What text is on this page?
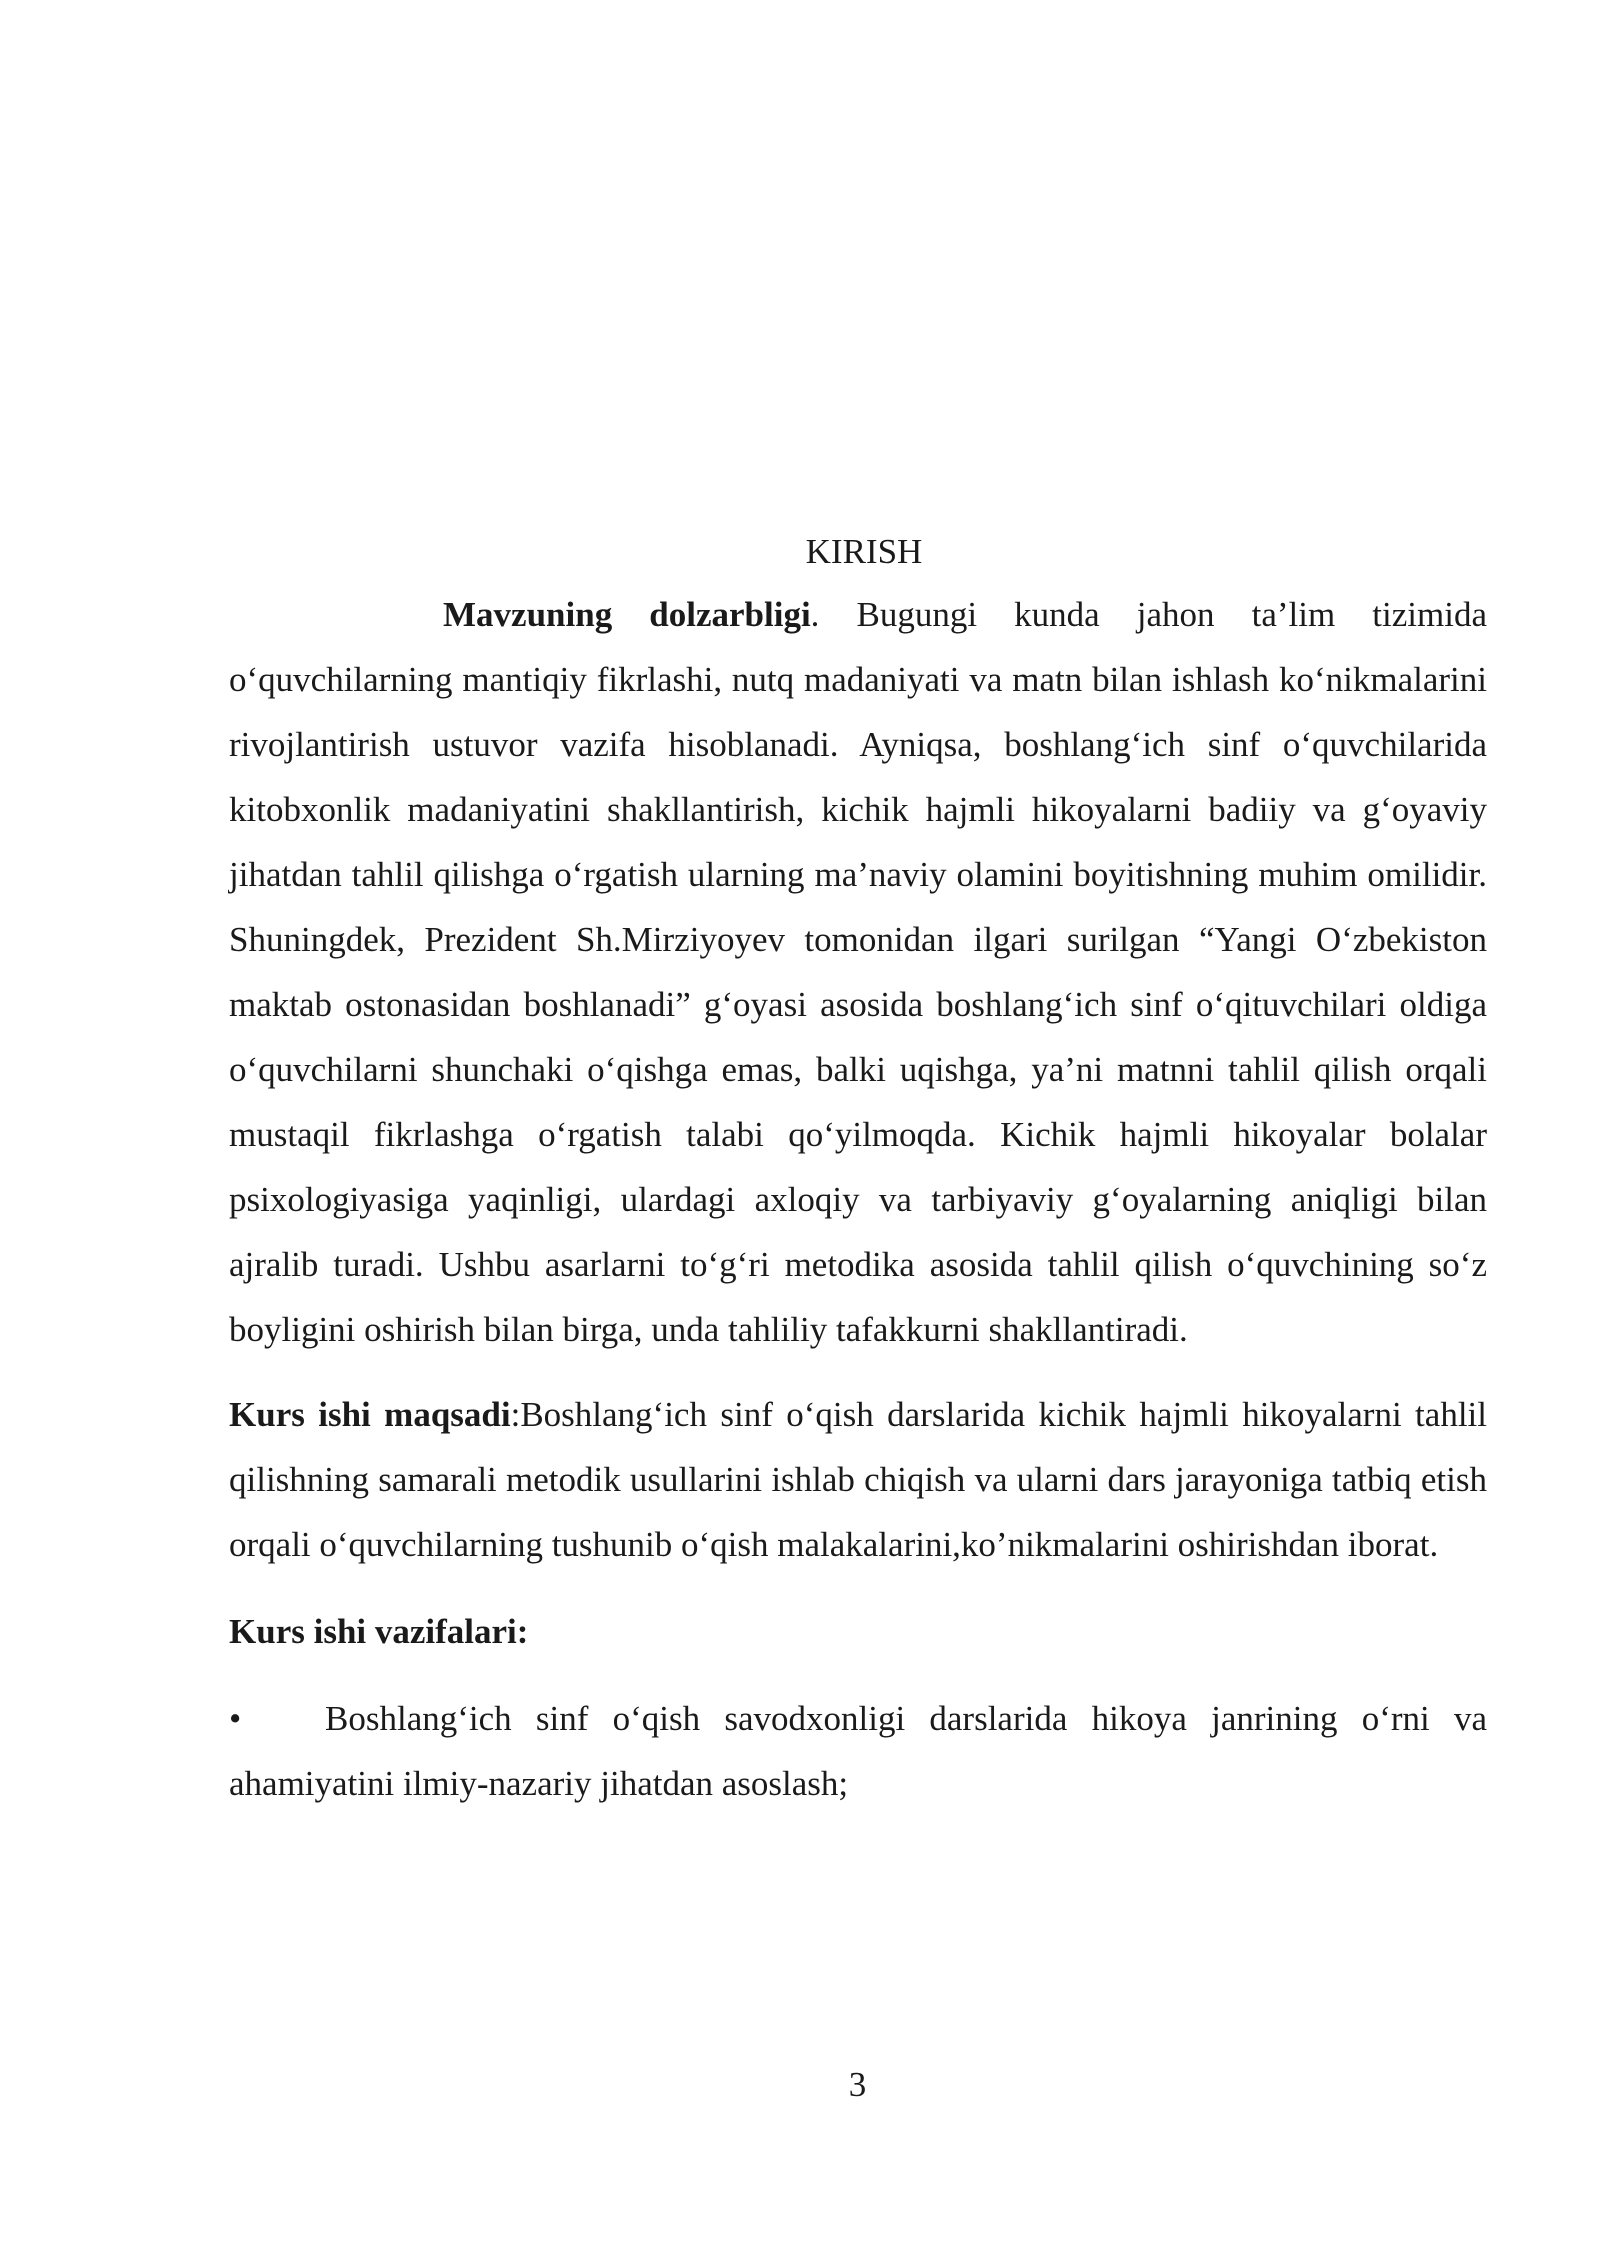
KIRISH

Mavzuning dolzarbligi. Bugungi kunda jahon ta’lim tizimida o‘quvchilarning mantiqiy fikrlashi, nutq madaniyati va matn bilan ishlash ko‘nikmalarini rivojlantirish ustuvor vazifa hisoblanadi. Ayniqsa, boshlang‘ich sinf o‘quvchilarida kitobxonlik madaniyatini shakllantirish, kichik hajmli hikoyalarni badiiy va g‘oyaviy jihatdan tahlil qilishga o‘rgatish ularning ma’naviy olamini boyitishning muhim omilidir. Shuningdek, Prezident Sh.Mirziyoyev tomonidan ilgari surilgan “Yangi O‘zbekiston maktab ostonasidan boshlanadi” g‘oyasi asosida boshlang‘ich sinf o‘qituvchilari oldiga o‘quvchilarni shunchaki o‘qishga emas, balki uqishga, ya’ni matnni tahlil qilish orqali mustaqil fikrlashga o‘rgatish talabi qo‘yilmoqda. Kichik hajmli hikoyalar bolalar psixologiyasiga yaqinligi, ulardagi axloqiy va tarbiyaviy g‘oyalarning aniqligi bilan ajralib turadi. Ushbu asarlarni to‘g‘ri metodika asosida tahlil qilish o‘quvchining so‘z boyligini oshirish bilan birga, unda tahliliy tafakkurni shakllantiradi.

Kurs ishi maqsadi:Boshlang‘ich sinf o‘qish darslarida kichik hajmli hikoyalarni tahlil qilishning samarali metodik usullarini ishlab chiqish va ularni dars jarayoniga tatbiq etish orqali o‘quvchilarning tushunib o‘qish malakalarini,ko’nikmalarini oshirishdan iborat.

Kurs ishi vazifalari:

• Boshlang‘ich sinf o‘qish savodxonligi darslarida hikoya janrining o‘rni va ahamiyatini ilmiy-nazariy jihatdan asoslash;

3
